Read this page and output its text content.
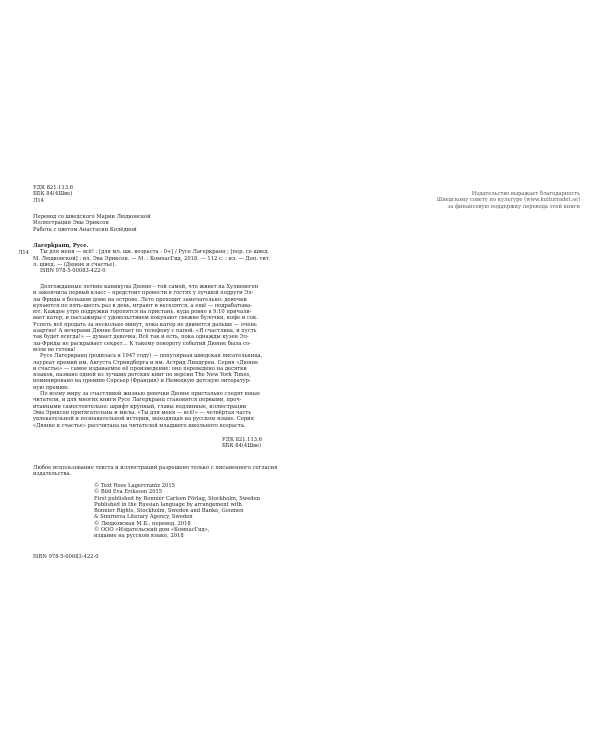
УДК 821.113.6
ББК 84(4Шве)
Л14
Перевод со шведского Марии Людковской
Иллюстрации Эвы Эриксон
Работа с цветом Анастасии Колёдной
Л14
Лагерkранц, Русе.
Ты для меня — всё! : [для мл. шк. возраста : 0+] / Русе Лагеркранц ; [пер. со швед.
М. Людковской] ; ил. Эва Эриксон. — М. : КомпасГид, 2018. — 112 с. : ил. — Доп. тит.
л. швед. — (Дюнне и счастье).
ISBN 978-5-00083-422-0
Долгожданные летние каникулы Дюнне – той самой, что живет на Хулиевеген
и закончила первый класс – предстоит провести в гостях у лучшей подруги Эл-
лы Фриды в большом доме на острове. Лето проходит замечательно: девочки
купаются по пять-шесть раз в день, играют и веселятся, а ещё — подрабатыва-
ют. Каждое утро подружки торопятся на пристань, куда ровно в 9:10 причали-
вает катер, и пассажиры с удовольствием покупают свежие булочки, кофе и сок.
Успеть всё продать за несколько минут, пока катер не двинется дальше — очень
азартно! А вечерами Дюнне болтает по телефону с папой. «Я счастлива, и пусть
так будет всегда!» — думает девочка. Всё так и есть, пока однажды кузен Эл-
лы-Фриды не раскрывает секрет… К такому повороту событий Дюнне была со-
всем не готова!
Русе Лагеркранц (родилась в 1947 году) — популярная шведская писательница,
лауреат премий им. Августа Стриндберга и им. Астрид Линдгрен. Серия «Дюнне
и счастье» — самое издаваемое её произведение: оно переведено на десятки
языков, названо одной из лучших детских книг по версии The New York Times,
номинировано на премию Сорсьер (Франция) и Немецкую детскую литератур-
ную премию.
По всему миру за счастливой жизнью девочки Дюнне пристально следят юные
читатели, и для многих книги Русе Лагеркранц становятся первыми, проч-
итанными самостоятельно: шрифт крупный, главы недлинные, иллюстрации
Эвы Эриксон притягательны и милы. «Ты для меня — всё!» — четвёртая часть
увлекательной и познавательной истории, выходящая на русском языке. Серия
«Дюнне и счастье» рассчитана на читателей младшего школьного возраста.
УДК 821.113.6
ББК 84(4Шве)
Любое использование текста и иллюстраций разрешено только с письменного согласия
издательства.
© Text Rose Lagercrantz 2015
© Bild Eva Eriksson 2015
First published by Bonnier Carlsen Förlag, Stockholm, Sweden
Published in the Russian language by arrangement with
Bonnier Rights, Stockholm, Sweden and Banke, Goumen
& Smirnova Literary Agency, Sweden
© Людковская М.Б., перевод, 2018
© ООО «Издательский дом «КомпасГид»,
издание на русском языке, 2018
ISBN 978-5-00083-422-0
Издательство выражает благодарность
Шведскому совету по культуре (www.kulturradet.se)
за финансовую поддержку перевода этой книги
